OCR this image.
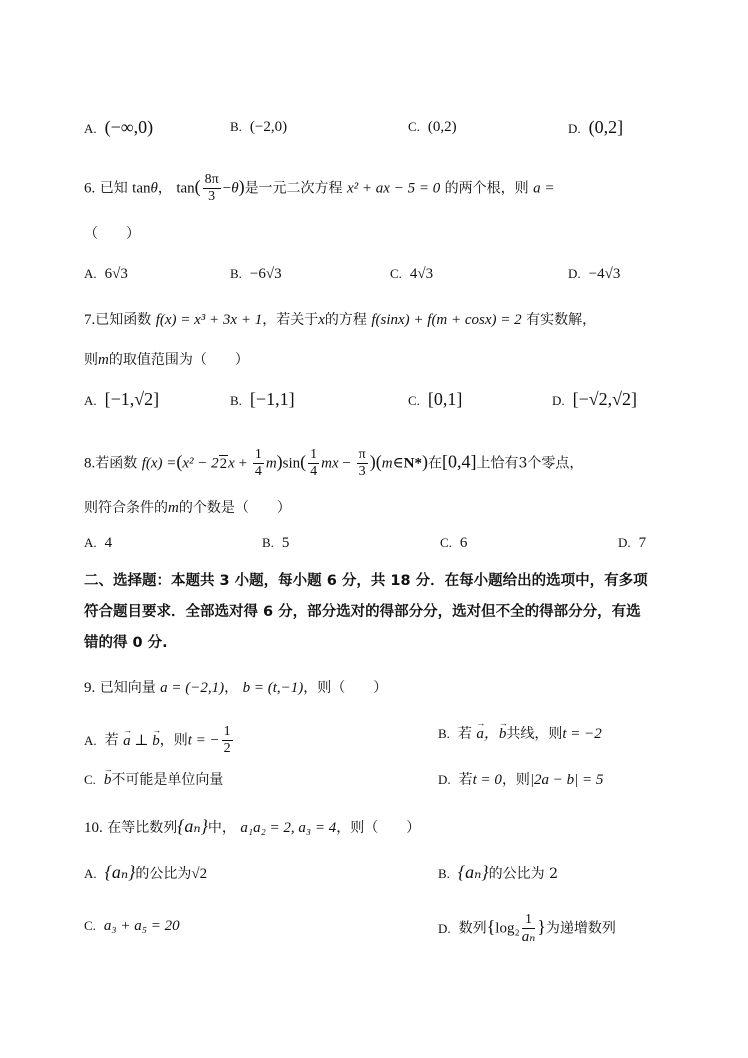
A. (−∞,0)	B. (−2,0)	C. (0,2)	D. (0,2]
6. 已知 tanθ， $\tan( \frac{8\pi}{3} -\theta)$是一元二次方程 x² + ax − 5 = 0 的两个根，则 a =
（　　）
A. 6√3	B. −6√3	C. 4√3	D. −4√3
7.已知函数 f(x) = x³ + 3x + 1，若关于x的方程 f(sinx) + f(m + cosx) = 2 有实数解，
则m的取值范围为（　　）
A. [−1,√2]	B. [−1,1]	C. [0,1]	D. [−√2,√2]
8.若函数 $f(x) =(x^2 - 22x + \frac{1}{4} m)\sin( \frac{1}{4}$ mx − $\frac{\pi}{3}$ )(m∈N*)在[0,4]上恰有3个零点，
则符合条件的m的个数是（　　）
A. 4	B. 5	C. 6	D. 7
二、选择题：本题共 3 小题，每小题 6 分，共 18 分．在每小题给出的选项中，有多项
符合题目要求．全部选对得 6 分，部分选对的得部分分，选对但不全的得部分分，有选
错的得 0 分.
9. 已知向量 a = (−2,1)， b = (t,−1)，则（　　）
A. 若 → a ⊥ → b，则t = − $\frac{1}{2}$	B. 若 → a，→ b共线，则t = −2
C. → b不可能是单位向量	D. 若t = 0，则|2a − b| = 5
10. 在等比数列{aₙ}中， a₁a₂ = 2, a₃ = 4，则（　　）
A. {aₙ}的公比为√2	B. {aₙ}的公比为 2
C. a₃ + a₅ = 20	D. 数列{$\log_2 \frac{1}{\text{aₙ}}$ }为递增数列
